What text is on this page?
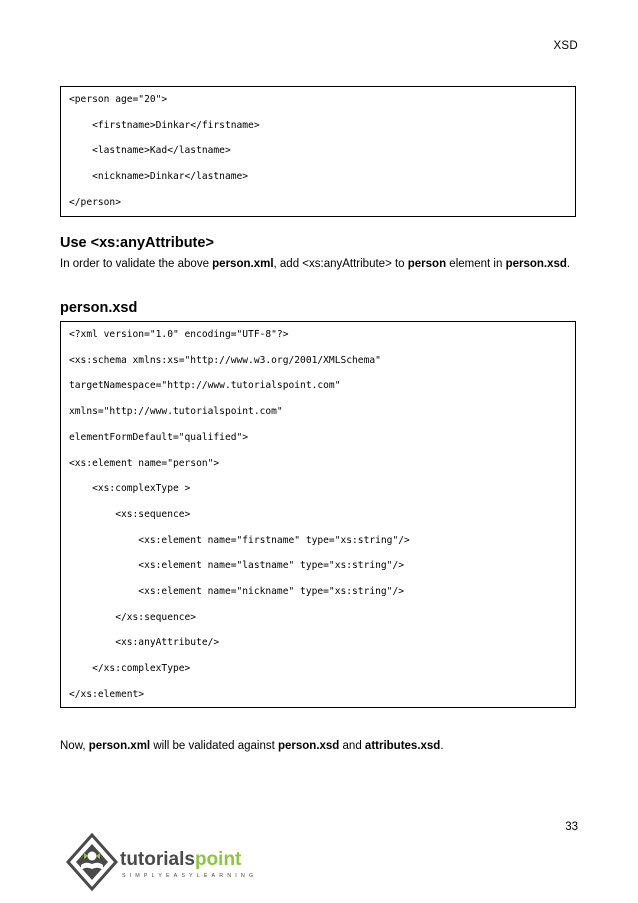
XSD
<person age="20">
<firstname>Dinkar</firstname>
<lastname>Kad</lastname>
<nickname>Dinkar</lastname>
</person>
Use <xs:anyAttribute>
In order to validate the above person.xml, add <xs:anyAttribute> to person element in person.xsd.
person.xsd
<?xml version="1.0" encoding="UTF-8"?>
<xs:schema xmlns:xs="http://www.w3.org/2001/XMLSchema"
targetNamespace="http://www.tutorialspoint.com"
xmlns="http://www.tutorialspoint.com"
elementFormDefault="qualified">
<xs:element name="person">
<xs:complexType >
<xs:sequence>
<xs:element name="firstname" type="xs:string"/>
<xs:element name="lastname" type="xs:string"/>
<xs:element name="nickname" type="xs:string"/>
</xs:sequence>
<xs:anyAttribute/>
</xs:complexType>
</xs:element>
Now, person.xml will be validated against person.xsd and attributes.xsd.
33
tutorialspoint
SIMPLYEASYLEARNING
